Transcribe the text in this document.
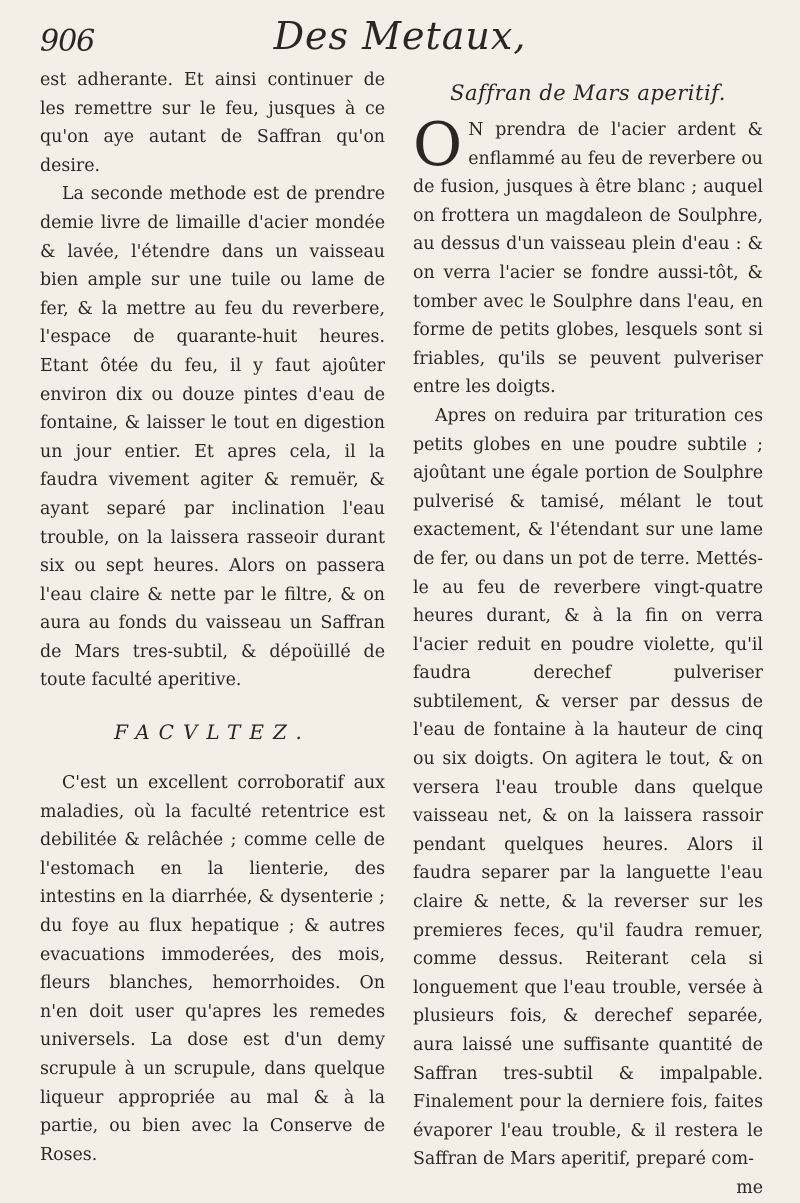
906	Des Metaux,

est adherante. Et ainsi continuer de les remettre sur le feu, jusques à ce qu'on aye autant de Saffran qu'on desire.

La seconde methode est de prendre demie livre de limaille d'acier mondée & lavée, l'étendre dans un vaisseau bien ample sur une tuile ou lame de fer, & la mettre au feu du reverbere, l'espace de quarante-huit heures. Etant ôtée du feu, il y faut ajoûter environ dix ou douze pintes d'eau de fontaine, & laisser le tout en digestion un jour entier. Et apres cela, il la faudra vivement agiter & remuër, & ayant separé par inclination l'eau trouble, on la laissera rasseoir durant six ou sept heures. Alors on passera l'eau claire & nette par le filtre, & on aura au fonds du vaisseau un Saffran de Mars tres-subtil, & dépoüillé de toute faculté aperitive.

FACVLTEZ.

C'est un excellent corroboratif aux maladies, où la faculté retentrice est debilitée & relâchée ; comme celle de l'estomach en la lienterie, des intestins en la diarrhée, & dysenterie ; du foye au flux hepatique ; & autres evacuations immoderées, des mois, fleurs blanches, hemorrhoides. On n'en doit user qu'apres les remedes universels. La dose est d'un demy scrupule à un scrupule, dans quelque liqueur appropriée au mal & à la partie, ou bien avec la Conserve de Roses.

Saffran de Mars aperitif.

O N prendra de l'acier ardent & enflammé au feu de reverbere ou de fusion, jusques à être blanc ; auquel on frottera un magdaleon de Soulphre, au dessus d'un vaisseau plein d'eau : & on verra l'acier se fondre aussi-tôt, & tomber avec le Soulphre dans l'eau, en forme de petits globes, lesquels sont si friables, qu'ils se peuvent pulveriser entre les doigts.

Apres on reduira par trituration ces petits globes en une poudre subtile ; ajoûtant une égale portion de Soulphre pulverisé & tamisé, mélant le tout exactement, & l'étendant sur une lame de fer, ou dans un pot de terre. Mettés-le au feu de reverbere vingt-quatre heures durant, & à la fin on verra l'acier reduit en poudre violette, qu'il faudra derechef pulveriser subtilement, & verser par dessus de l'eau de fontaine à la hauteur de cinq ou six doigts. On agitera le tout, & on versera l'eau trouble dans quelque vaisseau net, & on la laissera rassoir pendant quelques heures. Alors il faudra separer par la languette l'eau claire & nette, & la reverser sur les premieres feces, qu'il faudra remuer, comme dessus. Reiterant cela si longuement que l'eau trouble, versée à plusieurs fois, & derechef separée, aura laissé une suffisante quantité de Saffran tres-subtil & impalpable. Finalement pour la derniere fois, faites évaporer l'eau trouble, & il restera le Saffran de Mars aperitif, preparé com-

me
